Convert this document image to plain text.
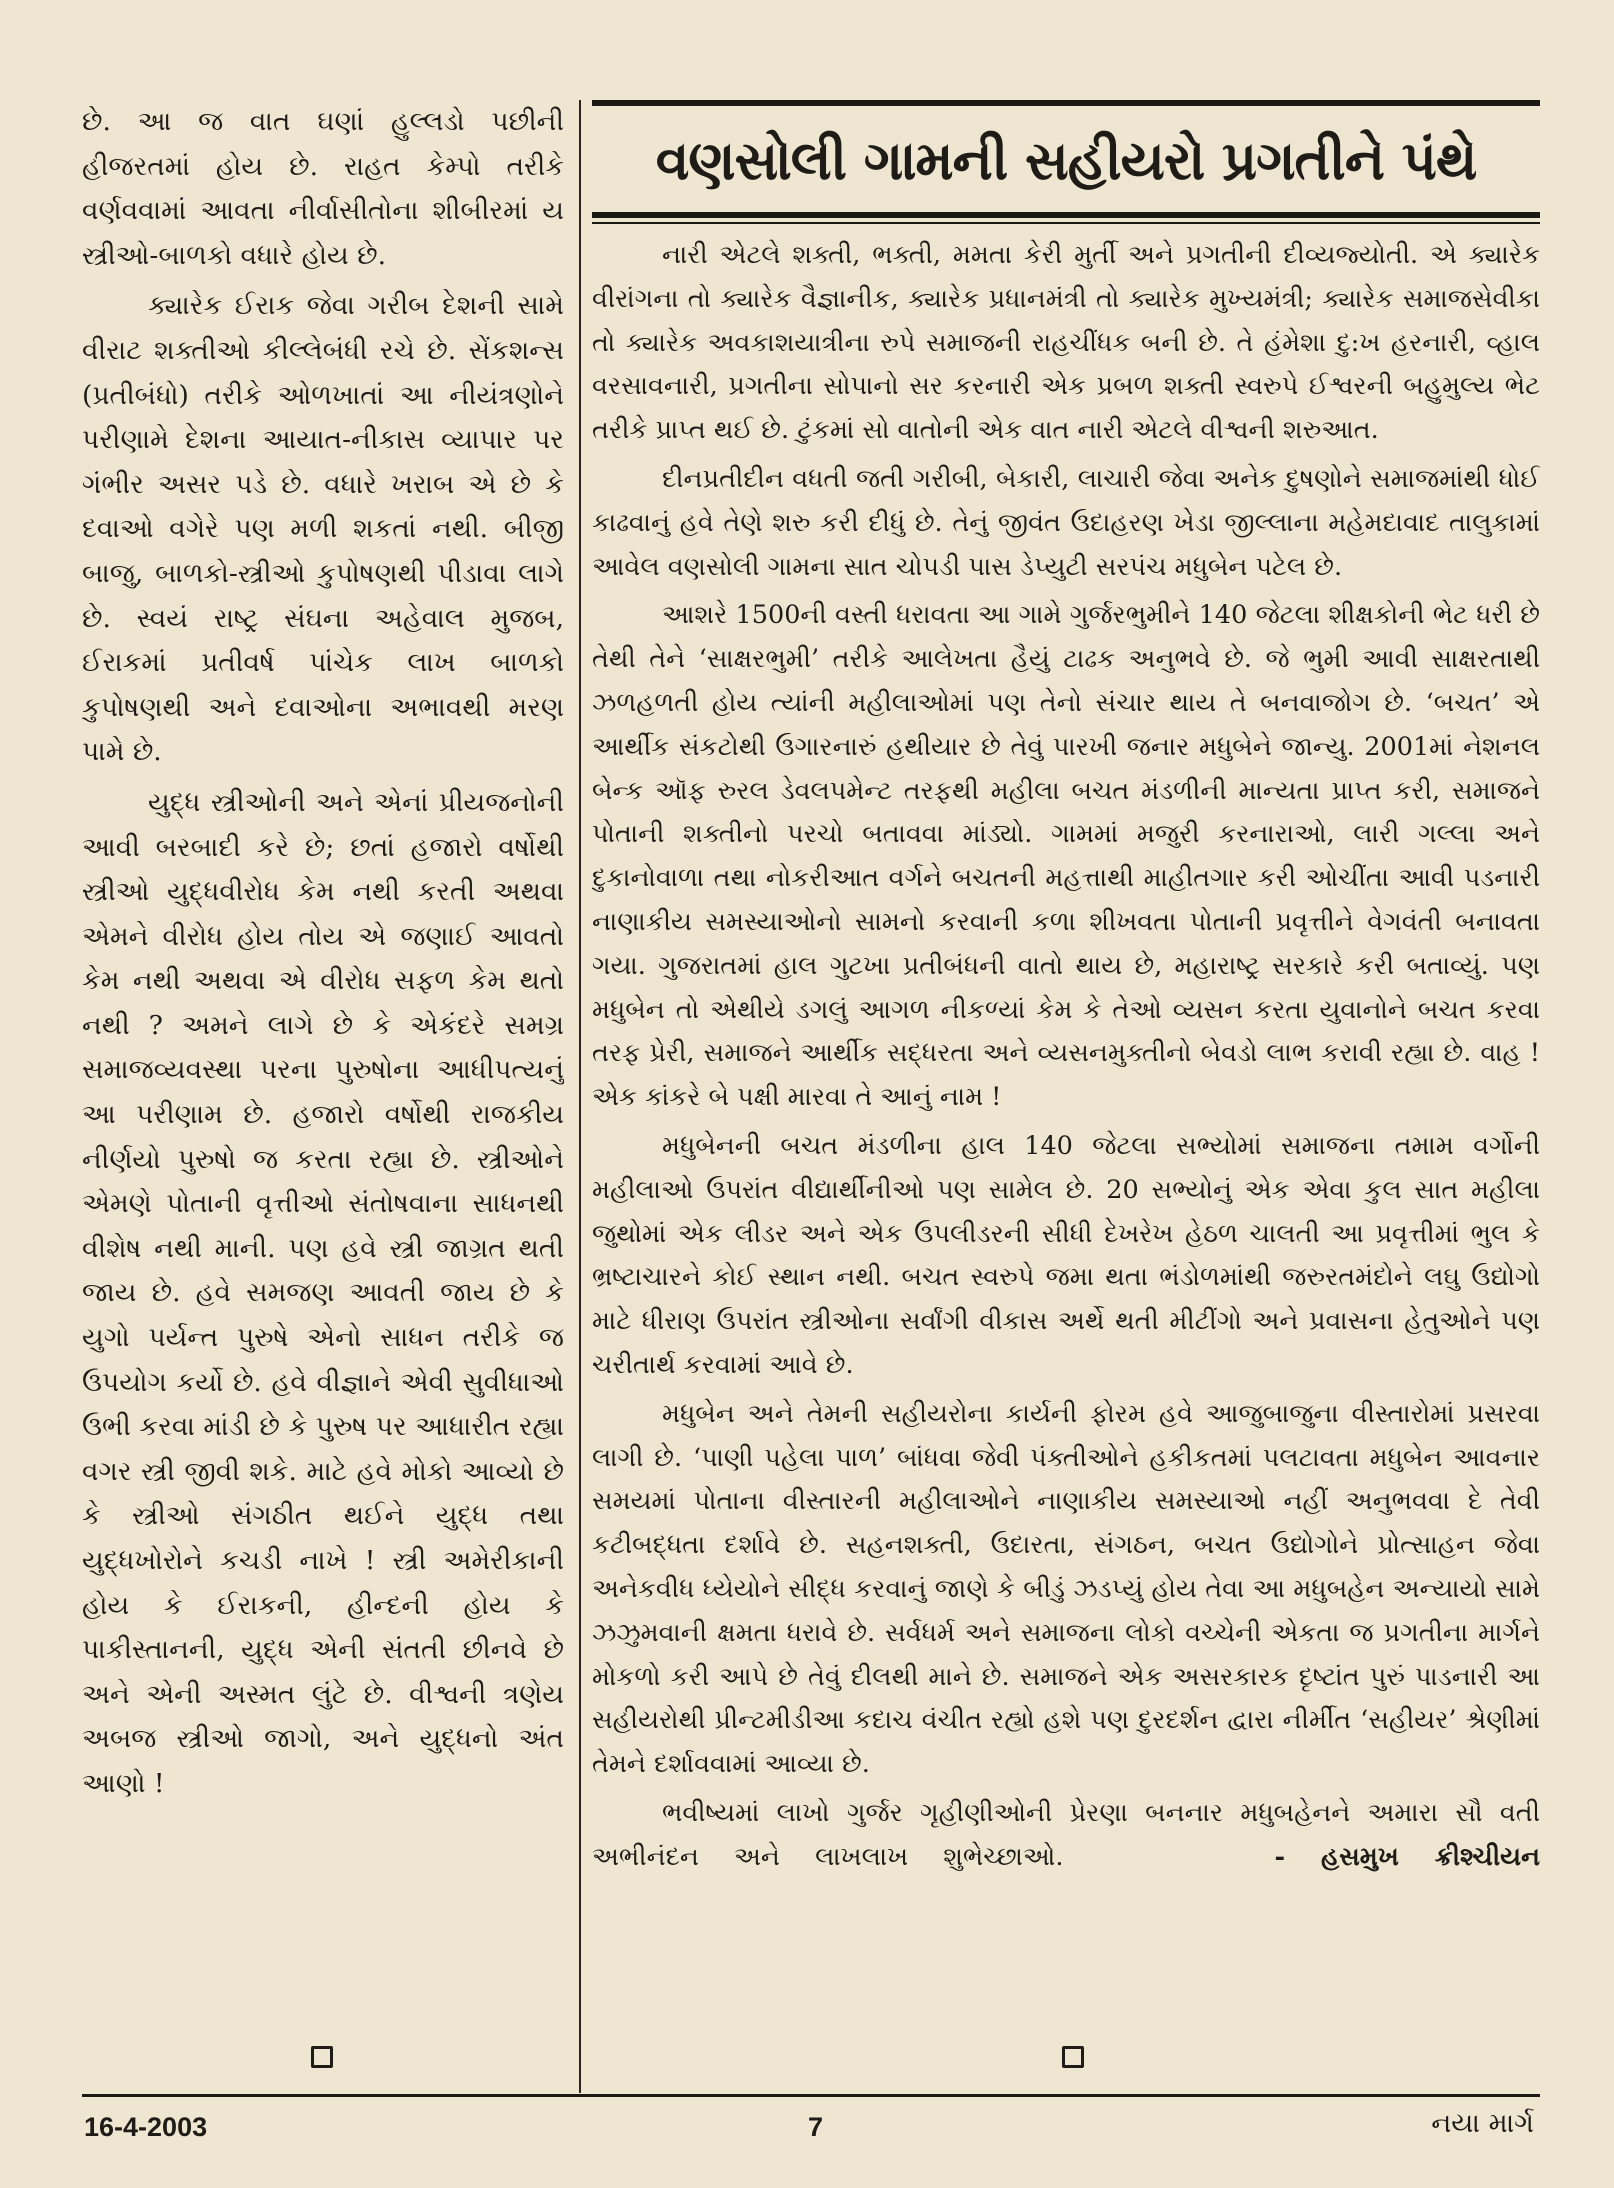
છે. આ જ વાત ઘણાં હુલ્લડો પછીની હીજરતમાં હોય છે. રાહત કેમ્પો તરીકે વર્ણવવામાં આવતા નીર્વાસીતોના શીબીરમાં ય સ્ત્રીઓ-બાળકો વધારે હોય છે.

ક્યારેક ઈરાક જેવા ગરીબ દેશની સામે વીરાટ શક્તીઓ કીલ્લેબંધી રચે છે. સેંકશન્સ (પ્રતીબંધો) તરીકે ઓળખાતાં આ નીયંત્રણોને પરીણામે દેશના આયાત-નીકાસ વ્યાપાર પર ગંભીર અસર પડે છે. વધારે ખરાબ એ છે કે દવાઓ વગેરે પણ મળી શકતાં નથી. બીજી બાજુ, બાળકો-સ્ત્રીઓ કુપોષણથી પીડાવા લાગે છે. સ્વયં રાષ્ટ્ર સંઘના અહેવાલ મુજબ, ઈરાકમાં પ્રતીવર્ષ પાંચેક લાખ બાળકો કુપોષણથી અને દવાઓના અભાવથી મરણ પામે છે.

યુદ્ધ સ્ત્રીઓની અને એનાં પ્રીયજનોની આવી બરબાદી કરે છે; છતાં હજારો વર્ષોથી સ્ત્રીઓ યુદ્ધવીરોધ કેમ નથી કરતી અથવા એમને વીરોધ હોય તોય એ જણાઈ આવતો કેમ નથી અથવા એ વીરોધ સફળ કેમ થતો નથી ? અમને લાગે છે કે એકંદરે સમગ્ર સમાજવ્યવસ્થા પરના પુરુષોના આધીપત્યનું આ પરીણામ છે. હજારો વર્ષોથી રાજકીય નીર્ણયો પુરુષો જ કરતા રહ્યા છે. સ્ત્રીઓને એમણે પોતાની વૃત્તીઓ સંતોષવાના સાધનથી વીશેષ નથી માની. પણ હવે સ્ત્રી જાગ્રત થતી જાય છે. હવે સમજણ આવતી જાય છે કે યુગો પર્યન્ત પુરુષે એનો સાધન તરીકે જ ઉપયોગ કર્યો છે. હવે વીજ્ઞાને એવી સુવીધાઓ ઉભી કરવા માંડી છે કે પુરુષ પર આધારીત રહ્યા વગર સ્ત્રી જીવી શકે. માટે હવે મોકો આવ્યો છે કે સ્ત્રીઓ સંગઠીત થઈને યુદ્ધ તથા યુદ્ધખોરોને કચડી નાખે ! સ્ત્રી અમેરીકાની હોય કે ઈરાકની, હીન્દની હોય કે પાકીસ્તાનની, યુદ્ધ એની સંતતી છીનવે છે અને એની અસ્મત લુંટે છે. વીશ્વની ત્રણેય અબજ સ્ત્રીઓ જાગો, અને યુદ્ધનો અંત આણો !

વણસોલી ગામની સહીયરો પ્રગતીને પંથે

નારી એટલે શક્તી, ભક્તી, મમતા કેરી મુર્તી અને પ્રગતીની દીવ્યજ્યોતી. એ ક્યારેક વીરાંગના તો ક્યારેક વૈજ્ઞાનીક, ક્યારેક પ્રધાનમંત્રી તો ક્યારેક મુખ્યમંત્રી; ક્યારેક સમાજસેવીકા તો ક્યારેક અવકાશયાત્રીના રુપે સમાજની રાહચીંધક બની છે. તે હંમેશા દુ:ખ હરનારી, વ્હાલ વરસાવનારી, પ્રગતીના સોપાનો સર કરનારી એક પ્રબળ શક્તી સ્વરુપે ઈશ્વરની બહુમુલ્ય ભેટ તરીકે પ્રાપ્ત થઈ છે. ટુંકમાં સો વાતોની એક વાત નારી એટલે વીશ્વની શરુઆત.

દીનપ્રતીદીન વધતી જતી ગરીબી, બેકારી, લાચારી જેવા અનેક દુષણોને સમાજમાંથી ધોઈ કાઢવાનું હવે તેણે શરુ કરી દીધું છે. તેનું જીવંત ઉદાહરણ ખેડા જીલ્લાના મહેમદાવાદ તાલુકામાં આવેલ વણસોલી ગામના સાત ચોપડી પાસ ડેપ્યુટી સરપંચ મધુબેન પટેલ છે.

આશરે 1500ની વસ્તી ધરાવતા આ ગામે ગુર્જરભુમીને 140 જેટલા શીક્ષકોની ભેટ ધરી છે તેથી તેને ‘સાક્ષરભુમી’ તરીકે આલેખતા હૈયું ટાઢક અનુભવે છે. જે ભુમી આવી સાક્ષરતાથી ઝળહળતી હોય ત્યાંની મહીલાઓમાં પણ તેનો સંચાર થાય તે બનવાજોગ છે. ‘બચત’ એ આર્થીક સંકટોથી ઉગારનારું હથીયાર છે તેવું પારખી જનાર મધુબેને જાન્યુ. 2001માં નેશનલ બેન્ક ઑફ રુરલ ડેવલપમેન્ટ તરફથી મહીલા બચત મંડળીની માન્યતા પ્રાપ્ત કરી, સમાજને પોતાની શક્તીનો પરચો બતાવવા માંડ્યો. ગામમાં મજુરી કરનારાઓ, લારી ગલ્લા અને દુકાનોવાળા તથા નોકરીઆત વર્ગને બચતની મહત્તાથી માહીતગાર કરી ઓચીંતા આવી પડનારી નાણાકીય સમસ્યાઓનો સામનો કરવાની કળા શીખવતા પોતાની પ્રવૃત્તીને વેગવંતી બનાવતા ગયા. ગુજરાતમાં હાલ ગુટખા પ્રતીબંધની વાતો થાય છે, મહારાષ્ટ્ર સરકારે કરી બતાવ્યું. પણ મધુબેન તો એથીયે ડગલું આગળ નીકળ્યાં કેમ કે તેઓ વ્યસન કરતા યુવાનોને બચત કરવા તરફ પ્રેરી, સમાજને આર્થીક સદ્ધરતા અને વ્યસનમુક્તીનો બેવડો લાભ કરાવી રહ્યા છે. વાહ ! એક કાંકરે બે પક્ષી મારવા તે આનું નામ !

મધુબેનની બચત મંડળીના હાલ 140 જેટલા સભ્યોમાં સમાજના તમામ વર્ગોની મહીલાઓ ઉપરાંત વીદ્યાર્થીનીઓ પણ સામેલ છે. 20 સભ્યોનું એક એવા કુલ સાત મહીલા જુથોમાં એક લીડર અને એક ઉપલીડરની સીધી દેખરેખ હેઠળ ચાલતી આ પ્રવૃત્તીમાં ભુલ કે ભ્રષ્ટાચારને કોઈ સ્થાન નથી. બચત સ્વરુપે જમા થતા ભંડોળમાંથી જરુરતમંદોને લઘુ ઉદ્યોગો માટે ધીરાણ ઉપરાંત સ્ત્રીઓના સર્વાંગી વીકાસ અર્થે થતી મીટીંગો અને પ્રવાસના હેતુઓને પણ ચરીતાર્થ કરવામાં આવે છે.

મધુબેન અને તેમની સહીયરોના કાર્યની ફોરમ હવે આજુબાજુના વીસ્તારોમાં પ્રસરવા લાગી છે. ‘પાણી પહેલા પાળ’ બાંધવા જેવી પંક્તીઓને હકીકતમાં પલટાવતા મધુબેન આવનાર સમયમાં પોતાના વીસ્તારની મહીલાઓને નાણાકીય સમસ્યાઓ નહીં અનુભવવા દે તેવી કટીબદ્ધતા દર્શાવે છે. સહનશક્તી, ઉદારતા, સંગઠન, બચત ઉદ્યોગોને પ્રોત્સાહન જેવા અનેકવીધ ધ્યેયોને સીદ્ધ કરવાનું જાણે કે બીડું ઝડપ્યું હોય તેવા આ મધુબહેન અન્યાયો સામે ઝઝુમવાની ક્ષમતા ધરાવે છે. સર્વધર્મ અને સમાજના લોકો વચ્ચેની એકતા જ પ્રગતીના માર્ગને મોકળો કરી આપે છે તેવું દીલથી માને છે. સમાજને એક અસરકારક દૃષ્ટાંત પુરું પાડનારી આ સહીયરોથી પ્રીન્ટમીડીઆ કદાચ વંચીત રહ્યો હશે પણ દુરદર્શન દ્વારા નીર્મીત ‘સહીયર’ શ્રેણીમાં તેમને દર્શાવવામાં આવ્યા છે.

ભવીષ્યમાં લાખો ગુર્જર ગૃહીણીઓની પ્રેરણા બનનાર મધુબહેનને અમારા સૌ વતી અભીનંદન અને લાખલાખ શુભેચ્છાઓ.	- હસમુખ ક્રીશ્ચીયન

16-4-2003	7	નયા માર્ગ
